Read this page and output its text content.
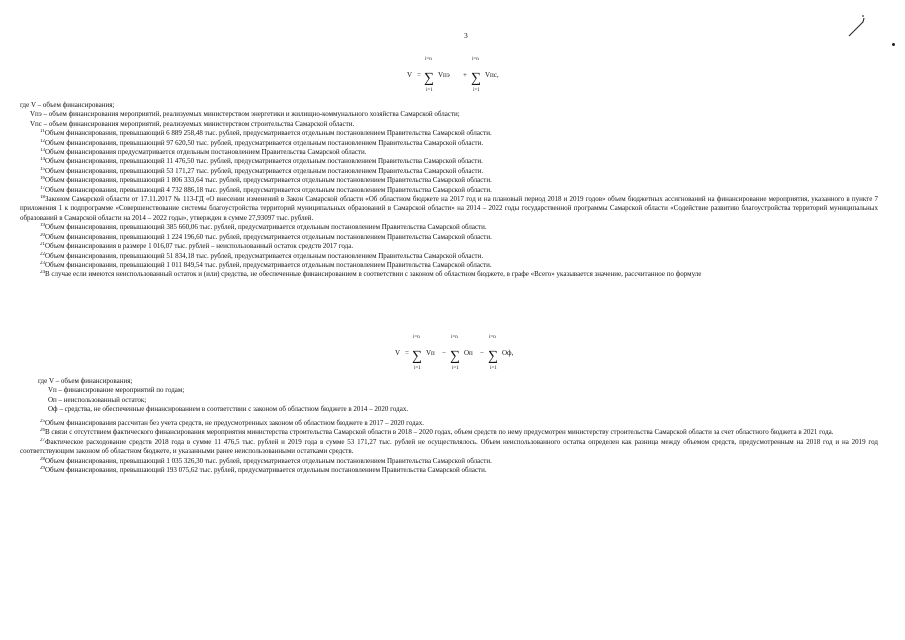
3
V =
i=n
∑
i=1
Vпэ +
i=n
∑
i=1
Vпс,
где V – объем финансирования;
Vпэ – объем финансирования мероприятий, реализуемых министерством энергетики и жилищно-коммунального хозяйства Самарской области;
Vпс – объем финансирования мероприятий, реализуемых министерством строительства Самарской области.
$^{11}$Объем финансирования, превышающий 6 889 258,48 тыс. рублей, предусматривается отдельным постановлением Правительства Самарской области.
$^{12}$Объем финансирования, превышающий 97 620,50 тыс. рублей, предусматривается отдельным постановлением Правительства Самарской области.
$^{13}$Объем финансирования предусматривается отдельным постановлением Правительства Самарской области.
$^{14}$Объем финансирования, превышающий 11 476,50 тыс. рублей, предусматривается отдельным постановлением Правительства Самарской области.
$^{15}$Объем финансирования, превышающий 53 171,27 тыс. рублей, предусматривается отдельным постановлением Правительства Самарской области.
$^{16}$Объем финансирования, превышающий 1 806 333,64 тыс. рублей, предусматривается отдельным постановлением Правительства Самарской области.
$^{17}$Объем финансирования, превышающий 4 732 886,18 тыс. рублей, предусматривается отдельным постановлением Правительства Самарской области.
$^{18}$Законом Самарской области от 17.11.2017 № 113-ГД «О внесении изменений в Закон Самарской области «Об областном бюджете на 2017 год и на плановый период 2018 и 2019 годов» объем бюджетных ассигнований на финансирование мероприятия, указанного в пункте 7 приложения 1 к подпрограмме «Совершенствование системы благоустройства территорий муниципальных образований в Самарской области» на 2014 – 2022 годы государственной программы Самарской области «Содействие развитию благоустройства территорий муниципальных образований в Самарской области на 2014 – 2022 годы», утвержден в сумме 27,93097 тыс. рублей.
$^{19}$Объем финансирования, превышающий 385 660,06 тыс. рублей, предусматривается отдельным постановлением Правительства Самарской области.
$^{20}$Объем финансирования, превышающий 1 224 196,60 тыс. рублей, предусматривается отдельным постановлением Правительства Самарской области.
$^{21}$Объем финансирования в размере 1 016,07 тыс. рублей – неиспользованный остаток средств 2017 года.
$^{22}$Объем финансирования, превышающий 51 834,18 тыс. рублей, предусматривается отдельным постановлением Правительства Самарской области.
$^{23}$Объем финансирования, превышающий 1 011 849,54 тыс. рублей, предусматривается отдельным постановлением Правительства Самарской области.
$^{24}$В случае если имеются неиспользованный остаток и (или) средства, не обеспеченные финансированием в соответствии с законом об областном бюджете, в графе «Всего» указывается значение, рассчитанное по формуле
V =
i=n
∑
i=1
Vп −
i=n
∑
i=1
Oп −
i=n
∑
i=1
Oф,
где V – объем финансирования;
Vп – финансирование мероприятий по годам;
Oп – неиспользованный остаток;
Oф – средства, не обеспеченные финансированием в соответствии с законом об областном бюджете в 2014 – 2020 годах.
$^{25}$Объем финансирования рассчитан без учета средств, не предусмотренных законом об областном бюджете в 2017 – 2020 годах.
$^{26}$В связи с отсутствием фактического финансирования мероприятия министерства строительства Самарской области в 2018 – 2020 годах, объем средств по нему предусмотрен министерству строительства Самарской области за счет областного бюджета в 2021 года.
$^{27}$Фактическое расходование средств 2018 года в сумме 11 476,5 тыс. рублей и 2019 года в сумме 53 171,27 тыс. рублей не осуществлялось. Объем неиспользованного остатка определен как разница между объемом средств, предусмотренным на 2018 год и на 2019 год соответствующим законом об областном бюджете, и указанными ранее неиспользованными остатками средств.
$^{28}$Объем финансирования, превышающий 1 035 326,30 тыс. рублей, предусматривается отдельным постановлением Правительства Самарской области.
$^{29}$Объем финансирования, превышающий 193 075,62 тыс. рублей, предусматривается отдельным постановлением Правительства Самарской области.
